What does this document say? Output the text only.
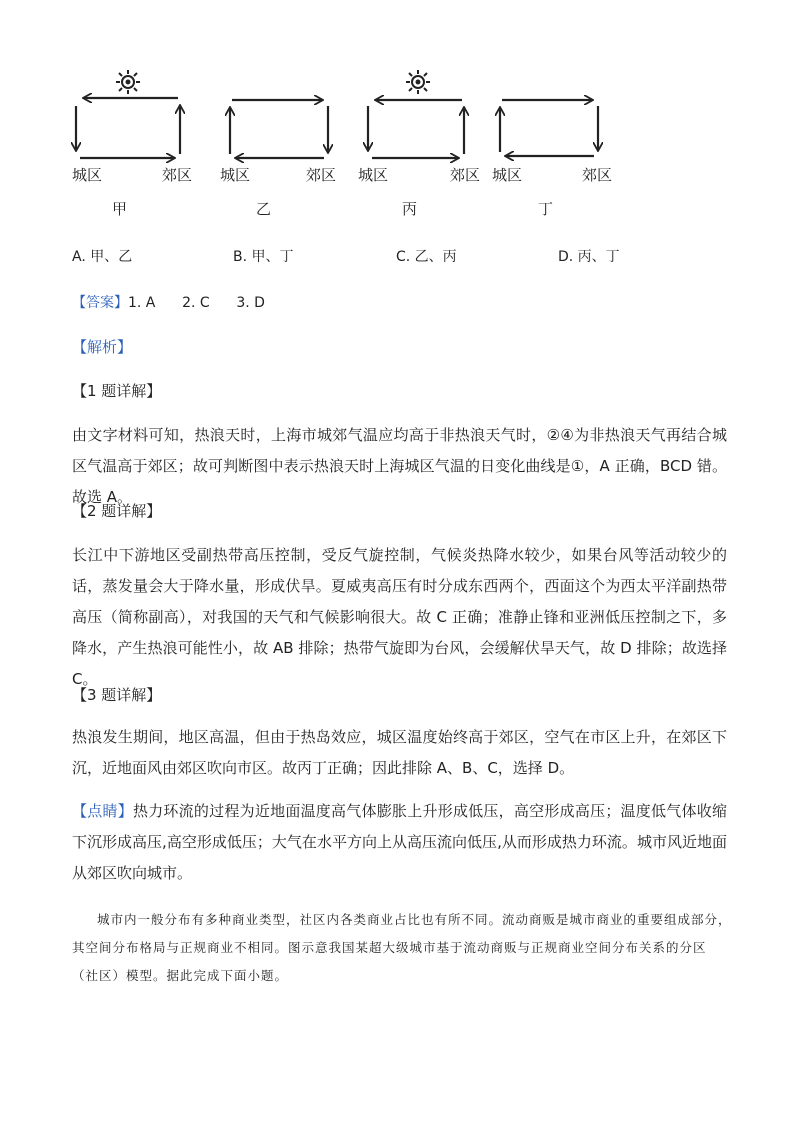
城区	郊区
甲
城区	郊区
乙
城区	郊区
丙
城区	郊区
丁
A. 甲、乙	B. 甲、丁	C. 乙、丙	D. 丙、丁
【答案】1. A      2. C      3. D
【解析】
【1 题详解】
由文字材料可知，热浪天时，上海市城郊气温应均高于非热浪天气时，②④为非热浪天气再结合城区气温高于郊区；故可判断图中表示热浪天时上海城区气温的日变化曲线是①，A 正确，BCD 错。故选 A。
【2 题详解】
长江中下游地区受副热带高压控制，受反气旋控制，气候炎热降水较少，如果台风等活动较少的话，蒸发量会大于降水量，形成伏旱。夏威夷高压有时分成东西两个，西面这个为西太平洋副热带高压（简称副高），对我国的天气和气候影响很大。故 C 正确；准静止锋和亚洲低压控制之下，多降水，产生热浪可能性小，故 AB 排除；热带气旋即为台风，会缓解伏旱天气，故 D 排除；故选择 C。
【3 题详解】
热浪发生期间，地区高温，但由于热岛效应，城区温度始终高于郊区，空气在市区上升，在郊区下沉，近地面风由郊区吹向市区。故丙丁正确；因此排除 A、B、C，选择 D。
【点睛】热力环流的过程为近地面温度高气体膨胀上升形成低压，高空形成高压；温度低气体收缩下沉形成高压,高空形成低压；大气在水平方向上从高压流向低压,从而形成热力环流。城市风近地面从郊区吹向城市。
城市内一般分布有多种商业类型，社区内各类商业占比也有所不同。流动商贩是城市商业的重要组成部分，其空间分布格局与正规商业不相同。图示意我国某超大级城市基于流动商贩与正规商业空间分布关系的分区（社区）模型。据此完成下面小题。
